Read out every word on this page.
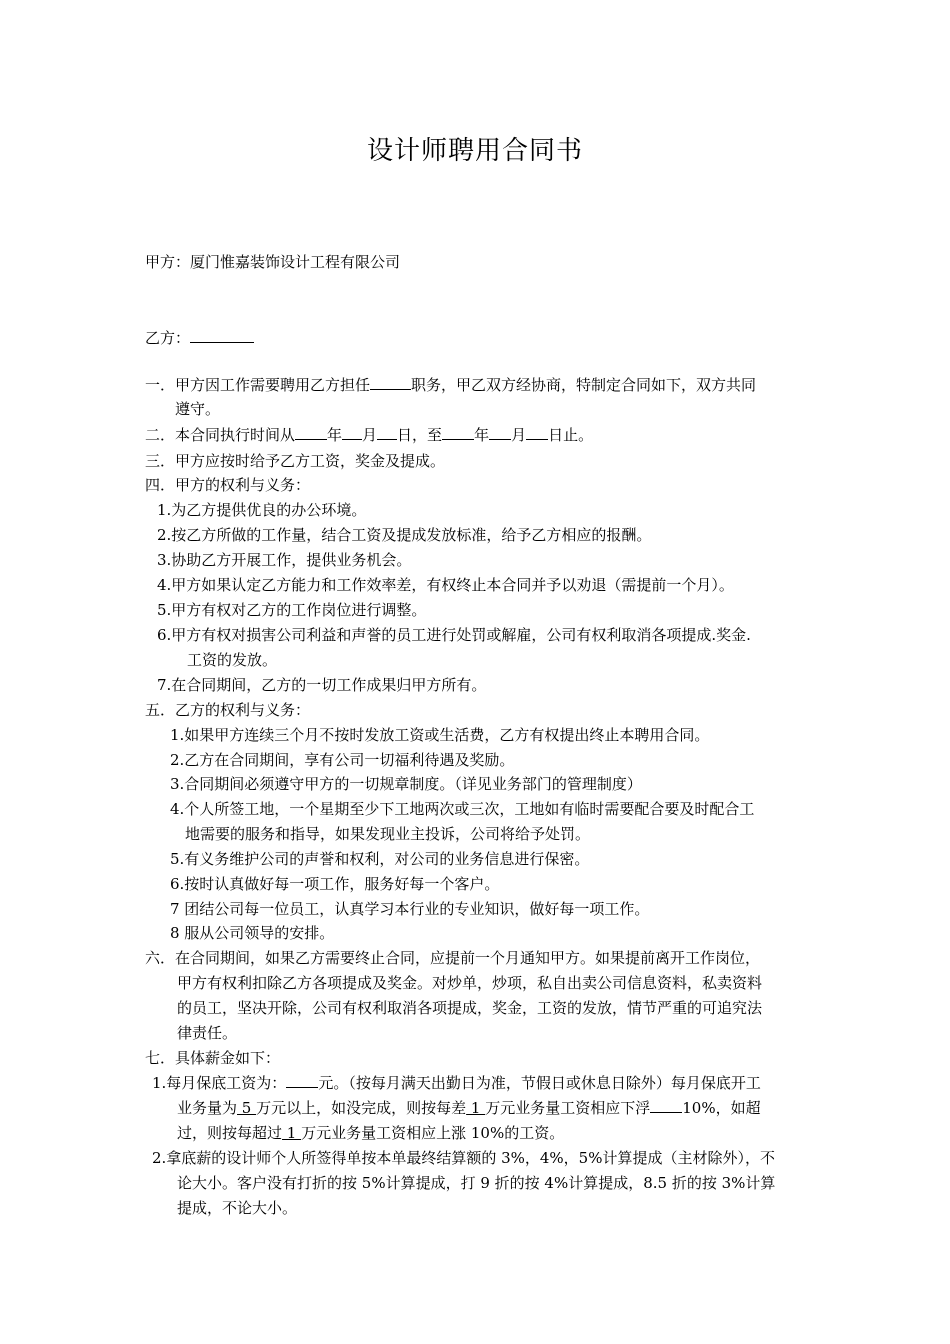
设计师聘用合同书
甲方：厦门惟嘉装饰设计工程有限公司
乙方：
一．甲方因工作需要聘用乙方担任	职务，甲乙双方经协商，特制定合同如下，双方共同
遵守。
二．本合同执行时间从 年 月 日，至 年 月 日止。
三．甲方应按时给予乙方工资，奖金及提成。
四．甲方的权利与义务：
1.为乙方提供优良的办公环境。
2.按乙方所做的工作量，结合工资及提成发放标准，给予乙方相应的报酬。
3.协助乙方开展工作，提供业务机会。
4.甲方如果认定乙方能力和工作效率差，有权终止本合同并予以劝退（需提前一个月）。
5.甲方有权对乙方的工作岗位进行调整。
6.甲方有权对损害公司利益和声誉的员工进行处罚或解雇，公司有权利取消各项提成.奖金.
工资的发放。
7.在合同期间，乙方的一切工作成果归甲方所有。
五．乙方的权利与义务：
1.如果甲方连续三个月不按时发放工资或生活费，乙方有权提出终止本聘用合同。
2.乙方在合同期间，享有公司一切福利待遇及奖励。
3.合同期间必须遵守甲方的一切规章制度。（详见业务部门的管理制度）
4.个人所签工地，一个星期至少下工地两次或三次，工地如有临时需要配合要及时配合工
地需要的服务和指导，如果发现业主投诉，公司将给予处罚。
5.有义务维护公司的声誉和权利，对公司的业务信息进行保密。
6.按时认真做好每一项工作，服务好每一个客户。
7 团结公司每一位员工，认真学习本行业的专业知识，做好每一项工作。
8 服从公司领导的安排。
六．在合同期间，如果乙方需要终止合同，应提前一个月通知甲方。如果提前离开工作岗位，
甲方有权利扣除乙方各项提成及奖金。对炒单，炒项，私自出卖公司信息资料，私卖资料
的员工，坚决开除，公司有权利取消各项提成，奖金，工资的发放，情节严重的可追究法
律责任。
七．具体薪金如下：
1.每月保底工资为： 元。（按每月满天出勤日为准，节假日或休息日除外）每月保底开工
业务量为 5 万元以上，如没完成，则按每差 1 万元业务量工资相应下浮 10%，如超
过，则按每超过 1 万元业务量工资相应上涨 10%的工资。
2.拿底薪的设计师个人所签得单按本单最终结算额的 3%，4%，5%计算提成（主材除外），不
论大小。客户没有打折的按 5%计算提成，打 9 折的按 4%计算提成，8.5 折的按 3%计算
提成，不论大小。
